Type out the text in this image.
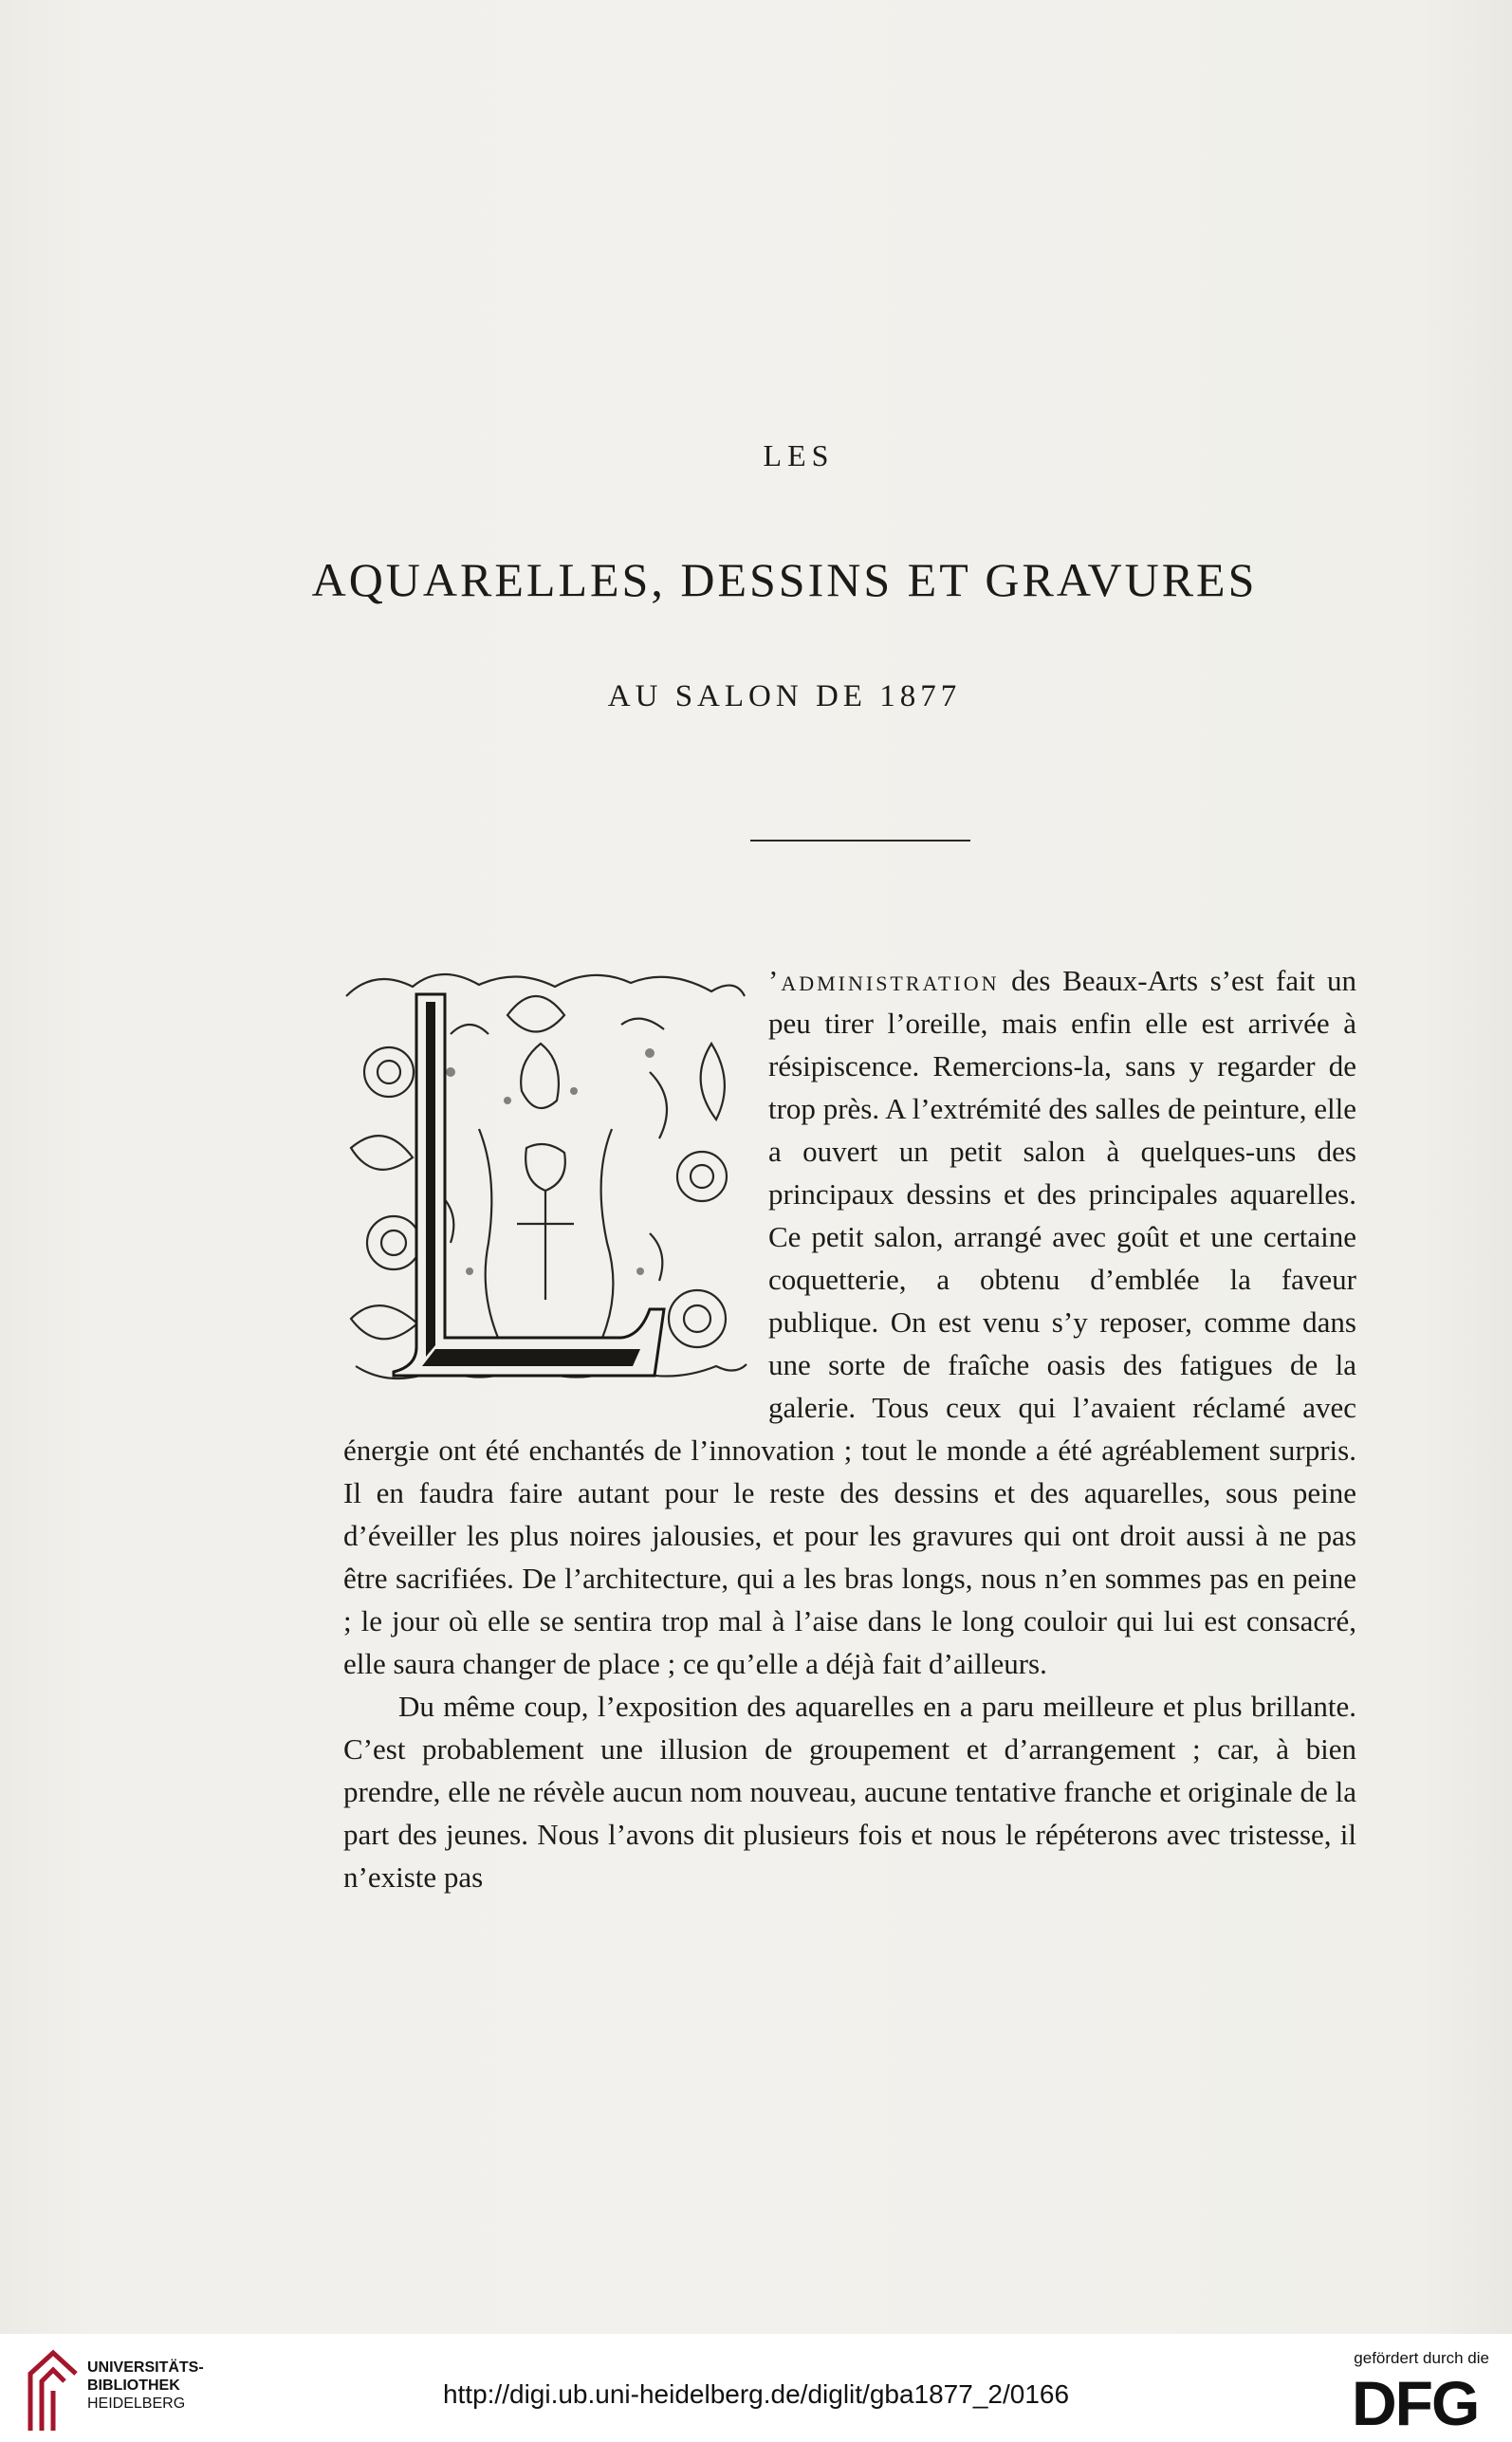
LES
AQUARELLES, DESSINS ET GRAVURES
AU SALON DE 1877

’administration des Beaux-Arts s’est fait un peu tirer l’oreille, mais enfin elle est arrivée à résipiscence. Remercions-la, sans y regarder de trop près. A l’extrémité des salles de peinture, elle a ouvert un petit salon à quelques-uns des principaux dessins et des principales aquarelles. Ce petit salon, arrangé avec goût et une certaine coquetterie, a obtenu d’emblée la faveur publique. On est venu s’y reposer, comme dans une sorte de fraîche oasis des fatigues de la galerie. Tous ceux qui l’avaient réclamé avec énergie ont été enchantés de l’innovation ; tout le monde a été agréablement surpris. Il en faudra faire autant pour le reste des dessins et des aquarelles, sous peine d’éveiller les plus noires jalousies, et pour les gravures qui ont droit aussi à ne pas être sacrifiées. De l’architecture, qui a les bras longs, nous n’en sommes pas en peine ; le jour où elle se sentira trop mal à l’aise dans le long couloir qui lui est consacré, elle saura changer de place ; ce qu’elle a déjà fait d’ailleurs.

Du même coup, l’exposition des aquarelles en a paru meilleure et plus brillante. C’est probablement une illusion de groupement et d’arrangement ; car, à bien prendre, elle ne révèle aucun nom nouveau, aucune tentative franche et originale de la part des jeunes. Nous l’avons dit plusieurs fois et nous le répéterons avec tristesse, il n’existe pas

UNIVERSITÄTS-
BIBLIOTHEK
HEIDELBERG	http://digi.ub.uni-heidelberg.de/diglit/gba1877_2/0166
gefördert durch die
DFG
